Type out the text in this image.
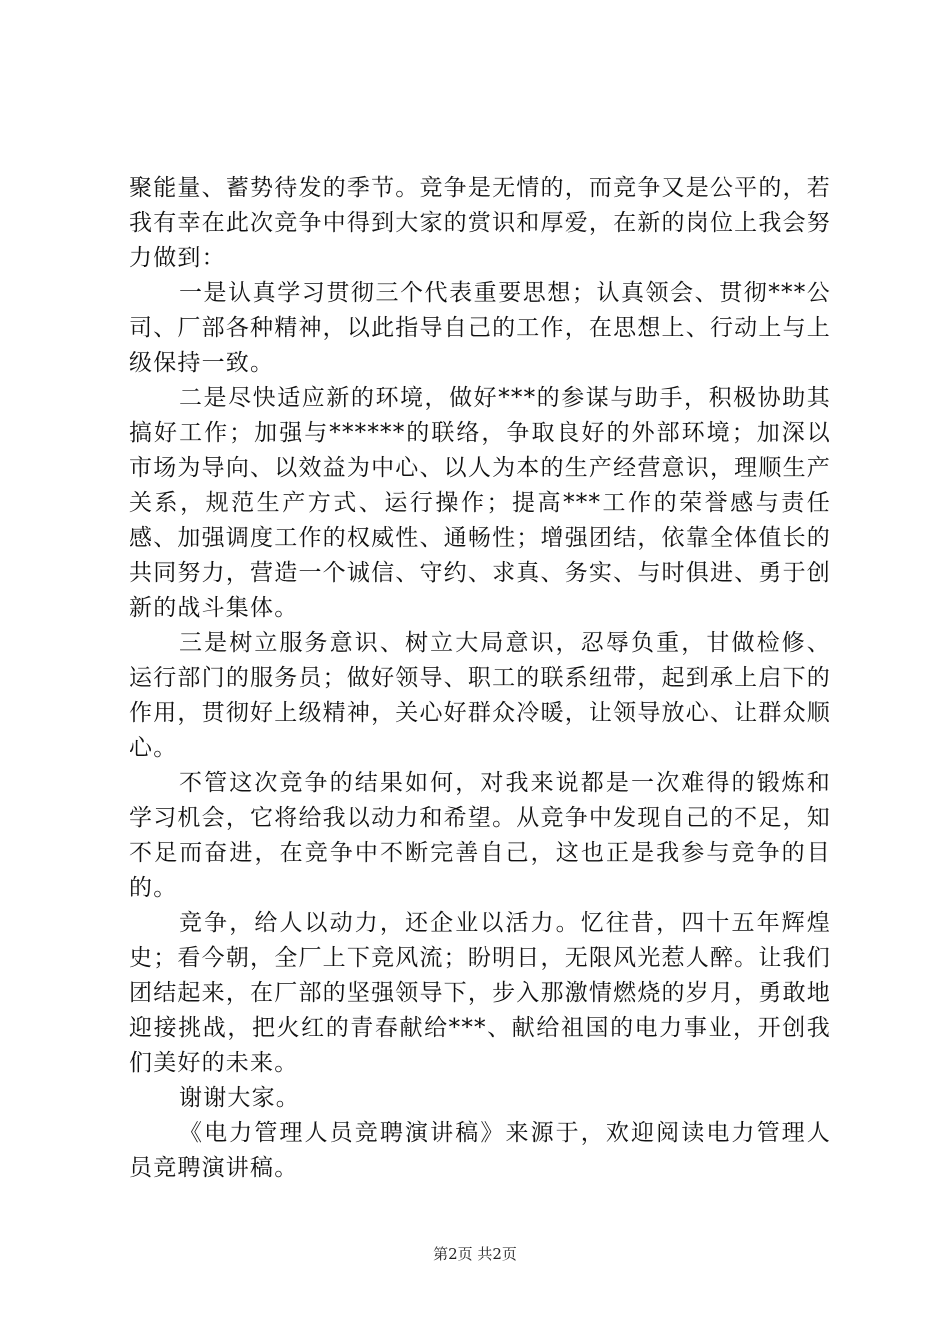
聚能量、蓄势待发的季节。竞争是无情的，而竞争又是公平的，若我有幸在此次竞争中得到大家的赏识和厚爱，在新的岗位上我会努力做到：

一是认真学习贯彻三个代表重要思想；认真领会、贯彻***公司、厂部各种精神，以此指导自己的工作，在思想上、行动上与上级保持一致。

二是尽快适应新的环境，做好***的参谋与助手，积极协助其搞好工作；加强与******的联络，争取良好的外部环境；加深以市场为导向、以效益为中心、以人为本的生产经营意识，理顺生产关系，规范生产方式、运行操作；提高***工作的荣誉感与责任感、加强调度工作的权威性、通畅性；增强团结，依靠全体值长的共同努力，营造一个诚信、守约、求真、务实、与时俱进、勇于创新的战斗集体。

三是树立服务意识、树立大局意识，忍辱负重，甘做检修、运行部门的服务员；做好领导、职工的联系纽带，起到承上启下的作用，贯彻好上级精神，关心好群众冷暖，让领导放心、让群众顺心。

不管这次竞争的结果如何，对我来说都是一次难得的锻炼和学习机会，它将给我以动力和希望。从竞争中发现自己的不足，知不足而奋进，在竞争中不断完善自己，这也正是我参与竞争的目的。

竞争，给人以动力，还企业以活力。忆往昔，四十五年辉煌史；看今朝，全厂上下竞风流；盼明日，无限风光惹人醉。让我们团结起来，在厂部的坚强领导下，步入那激情燃烧的岁月，勇敢地迎接挑战，把火红的青春献给***、献给祖国的电力事业，开创我们美好的未来。

谢谢大家。

《电力管理人员竞聘演讲稿》来源于，欢迎阅读电力管理人员竞聘演讲稿。

第2页 共2页
